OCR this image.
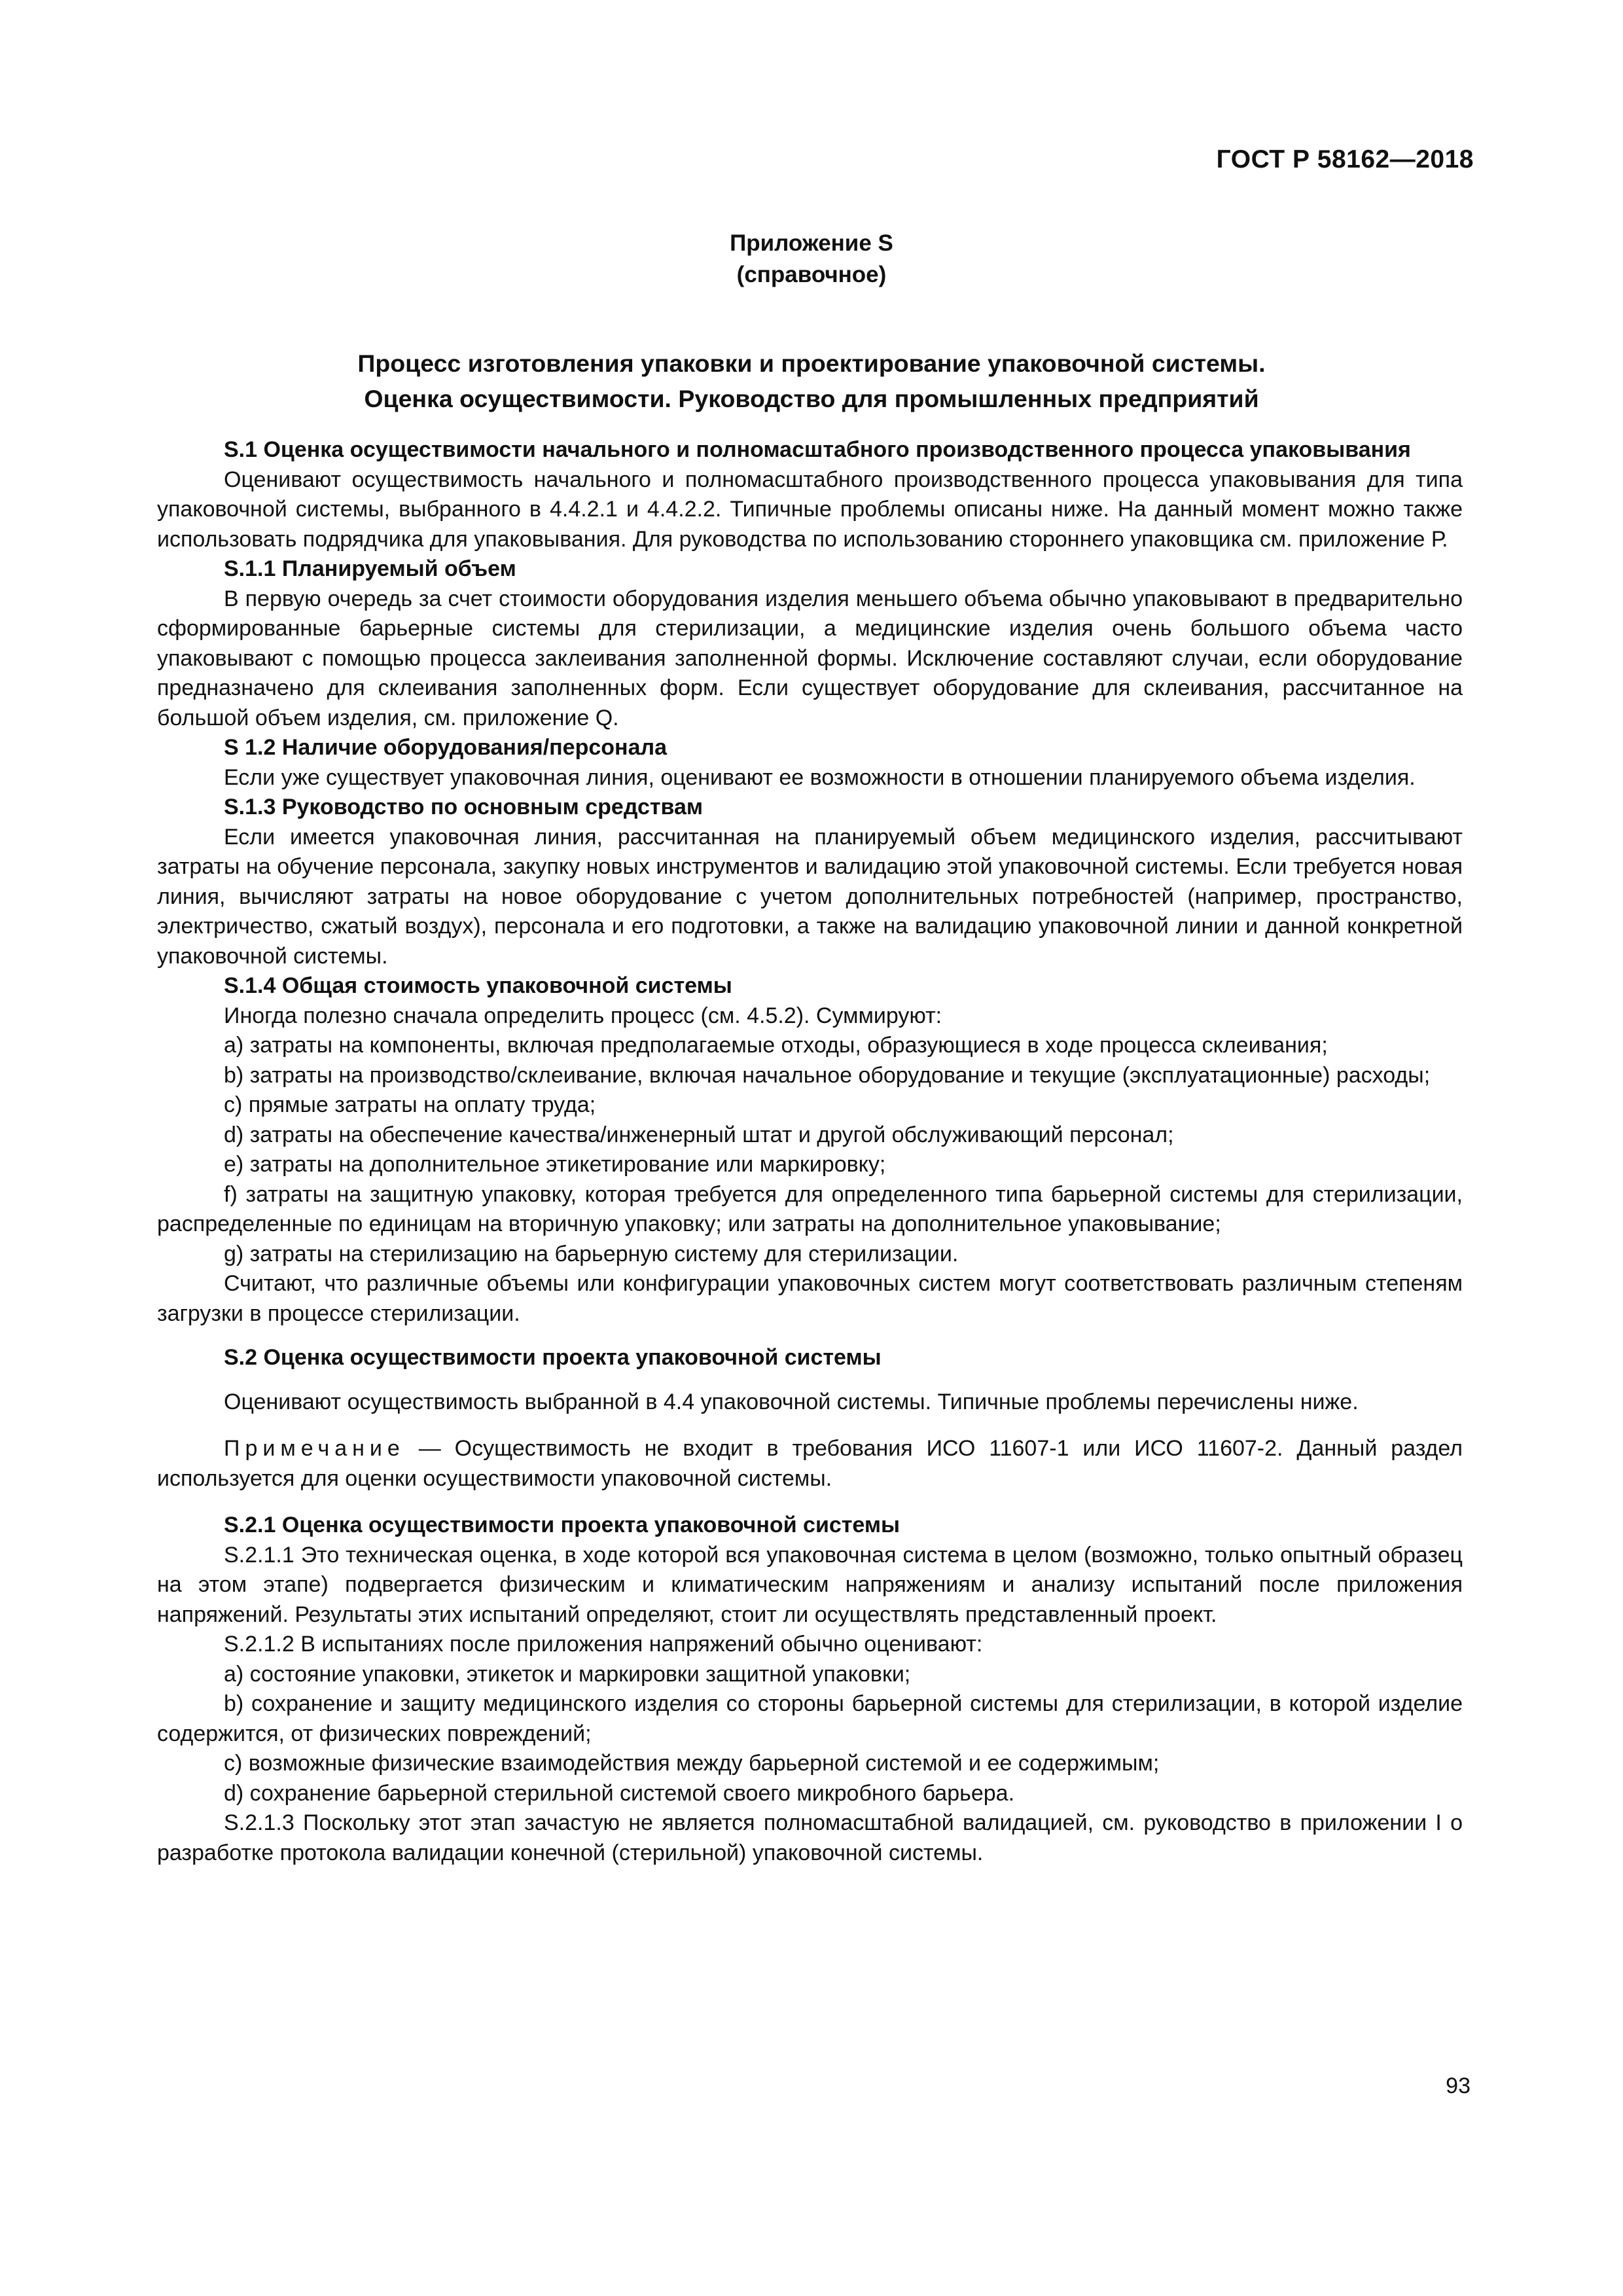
ГОСТ Р 58162—2018
Приложение S
(справочное)
Процесс изготовления упаковки и проектирование упаковочной системы.
Оценка осуществимости. Руководство для промышленных предприятий

S.1 Оценка осуществимости начального и полномасштабного производственного процесса упаковывания

Оценивают осуществимость начального и полномасштабного производственного процесса упаковывания для типа упаковочной системы, выбранного в 4.4.2.1 и 4.4.2.2. Типичные проблемы описаны ниже. На данный момент можно также использовать подрядчика для упаковывания. Для руководства по использованию стороннего упаковщика см. приложение Р.

S.1.1 Планируемый объем

В первую очередь за счет стоимости оборудования изделия меньшего объема обычно упаковывают в предварительно сформированные барьерные системы для стерилизации, а медицинские изделия очень большого объема часто упаковывают с помощью процесса заклеивания заполненной формы. Исключение составляют случаи, если оборудование предназначено для склеивания заполненных форм. Если существует оборудование для склеивания, рассчитанное на большой объем изделия, см. приложение Q.

S 1.2 Наличие оборудования/персонала

Если уже существует упаковочная линия, оценивают ее возможности в отношении планируемого объема изделия.

S.1.3 Руководство по основным средствам

Если имеется упаковочная линия, рассчитанная на планируемый объем медицинского изделия, рассчитывают затраты на обучение персонала, закупку новых инструментов и валидацию этой упаковочной системы. Если требуется новая линия, вычисляют затраты на новое оборудование с учетом дополнительных потребностей (например, пространство, электричество, сжатый воздух), персонала и его подготовки, а также на валидацию упаковочной линии и данной конкретной упаковочной системы.

S.1.4 Общая стоимость упаковочной системы

Иногда полезно сначала определить процесс (см. 4.5.2). Суммируют:

a) затраты на компоненты, включая предполагаемые отходы, образующиеся в ходе процесса склеивания;

b) затраты на производство/склеивание, включая начальное оборудование и текущие (эксплуатационные) расходы;

c) прямые затраты на оплату труда;

d) затраты на обеспечение качества/инженерный штат и другой обслуживающий персонал;

e) затраты на дополнительное этикетирование или маркировку;

f) затраты на защитную упаковку, которая требуется для определенного типа барьерной системы для стерилизации, распределенные по единицам на вторичную упаковку; или затраты на дополнительное упаковывание;

g) затраты на стерилизацию на барьерную систему для стерилизации.

Считают, что различные объемы или конфигурации упаковочных систем могут соответствовать различным степеням загрузки в процессе стерилизации.

S.2 Оценка осуществимости проекта упаковочной системы

Оценивают осуществимость выбранной в 4.4 упаковочной системы. Типичные проблемы перечислены ниже.

Примечание — Осуществимость не входит в требования ИСО 11607-1 или ИСО 11607-2. Данный раздел используется для оценки осуществимости упаковочной системы.

S.2.1 Оценка осуществимости проекта упаковочной системы

S.2.1.1 Это техническая оценка, в ходе которой вся упаковочная система в целом (возможно, только опытный образец на этом этапе) подвергается физическим и климатическим напряжениям и анализу испытаний после приложения напряжений. Результаты этих испытаний определяют, стоит ли осуществлять представленный проект.

S.2.1.2 В испытаниях после приложения напряжений обычно оценивают:

a) состояние упаковки, этикеток и маркировки защитной упаковки;

b) сохранение и защиту медицинского изделия со стороны барьерной системы для стерилизации, в которой изделие содержится, от физических повреждений;

c) возможные физические взаимодействия между барьерной системой и ее содержимым;

d) сохранение барьерной стерильной системой своего микробного барьера.

S.2.1.3 Поскольку этот этап зачастую не является полномасштабной валидацией, см. руководство в приложении I о разработке протокола валидации конечной (стерильной) упаковочной системы.

93
